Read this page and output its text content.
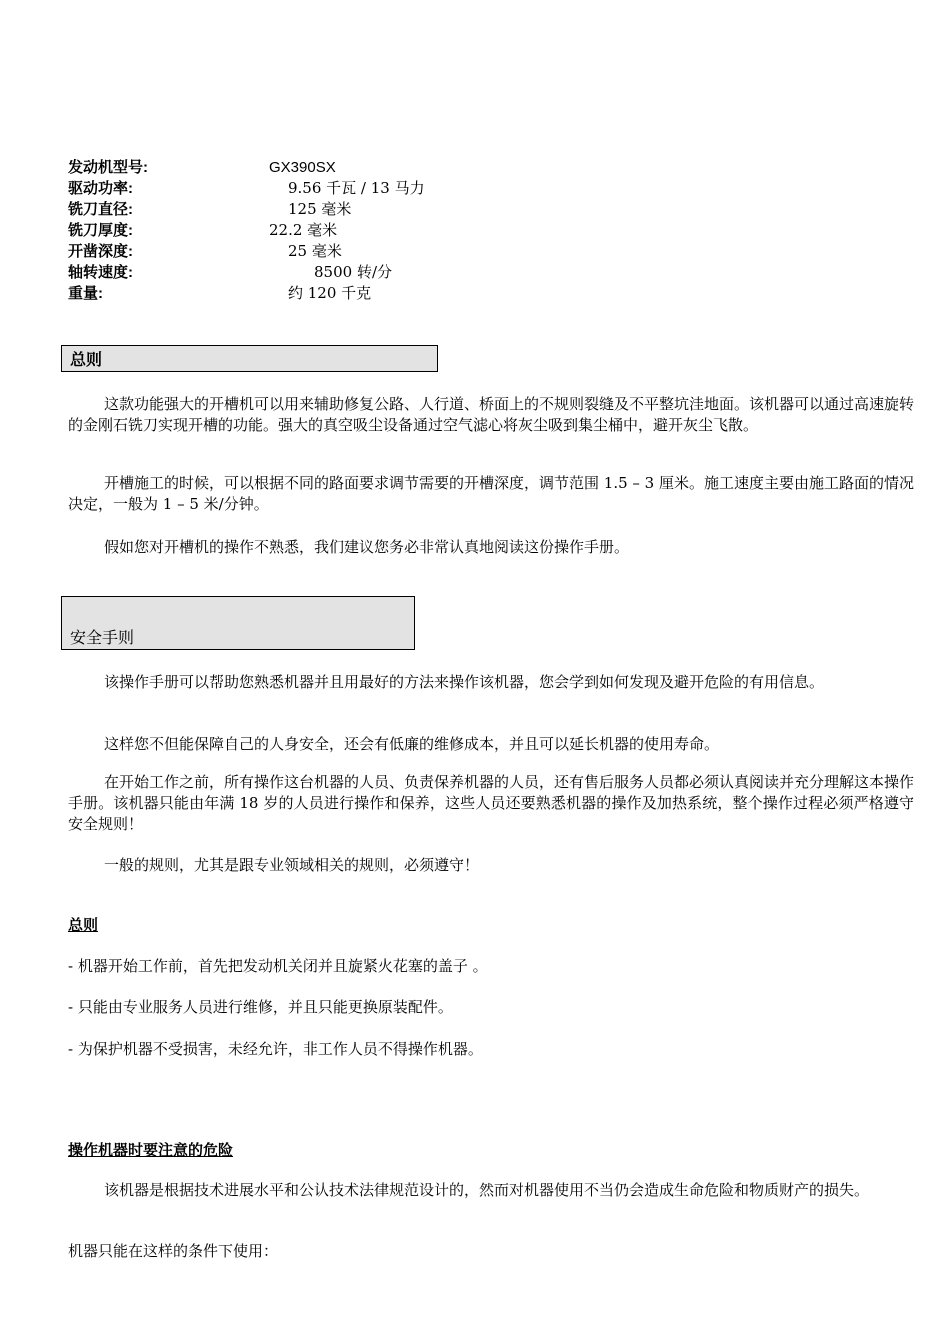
发动机型号:	GX390SX
驱动功率:	9.56 千瓦 / 13 马力
铣刀直径:	125 毫米
铣刀厚度:	22.2 毫米
开凿深度:	25 毫米
轴转速度:	8500 转/分
重量:	约 120 千克
总则

这款功能强大的开槽机可以用来辅助修复公路、人行道、桥面上的不规则裂缝及不平整坑洼地面。该机器可以通过高速旋转的金刚石铣刀实现开槽的功能。强大的真空吸尘设备通过空气滤心将灰尘吸到集尘桶中，避开灰尘飞散。

开槽施工的时候，可以根据不同的路面要求调节需要的开槽深度，调节范围 1.5 – 3 厘米。施工速度主要由施工路面的情况决定，一般为 1 – 5 米/分钟。

假如您对开槽机的操作不熟悉，我们建议您务必非常认真地阅读这份操作手册。

安全手则

该操作手册可以帮助您熟悉机器并且用最好的方法来操作该机器，您会学到如何发现及避开危险的有用信息。

这样您不但能保障自己的人身安全，还会有低廉的维修成本，并且可以延长机器的使用寿命。

在开始工作之前，所有操作这台机器的人员、负责保养机器的人员，还有售后服务人员都必须认真阅读并充分理解这本操作手册。该机器只能由年满 18 岁的人员进行操作和保养，这些人员还要熟悉机器的操作及加热系统，整个操作过程必须严格遵守安全规则！

一般的规则，尤其是跟专业领域相关的规则，必须遵守！

总则
- 机器开始工作前，首先把发动机关闭并且旋紧火花塞的盖子 。
- 只能由专业服务人员进行维修，并且只能更换原装配件。
- 为保护机器不受损害，未经允许，非工作人员不得操作机器。
操作机器时要注意的危险

该机器是根据技术进展水平和公认技术法律规范设计的，然而对机器使用不当仍会造成生命危险和物质财产的损失。

机器只能在这样的条件下使用：
